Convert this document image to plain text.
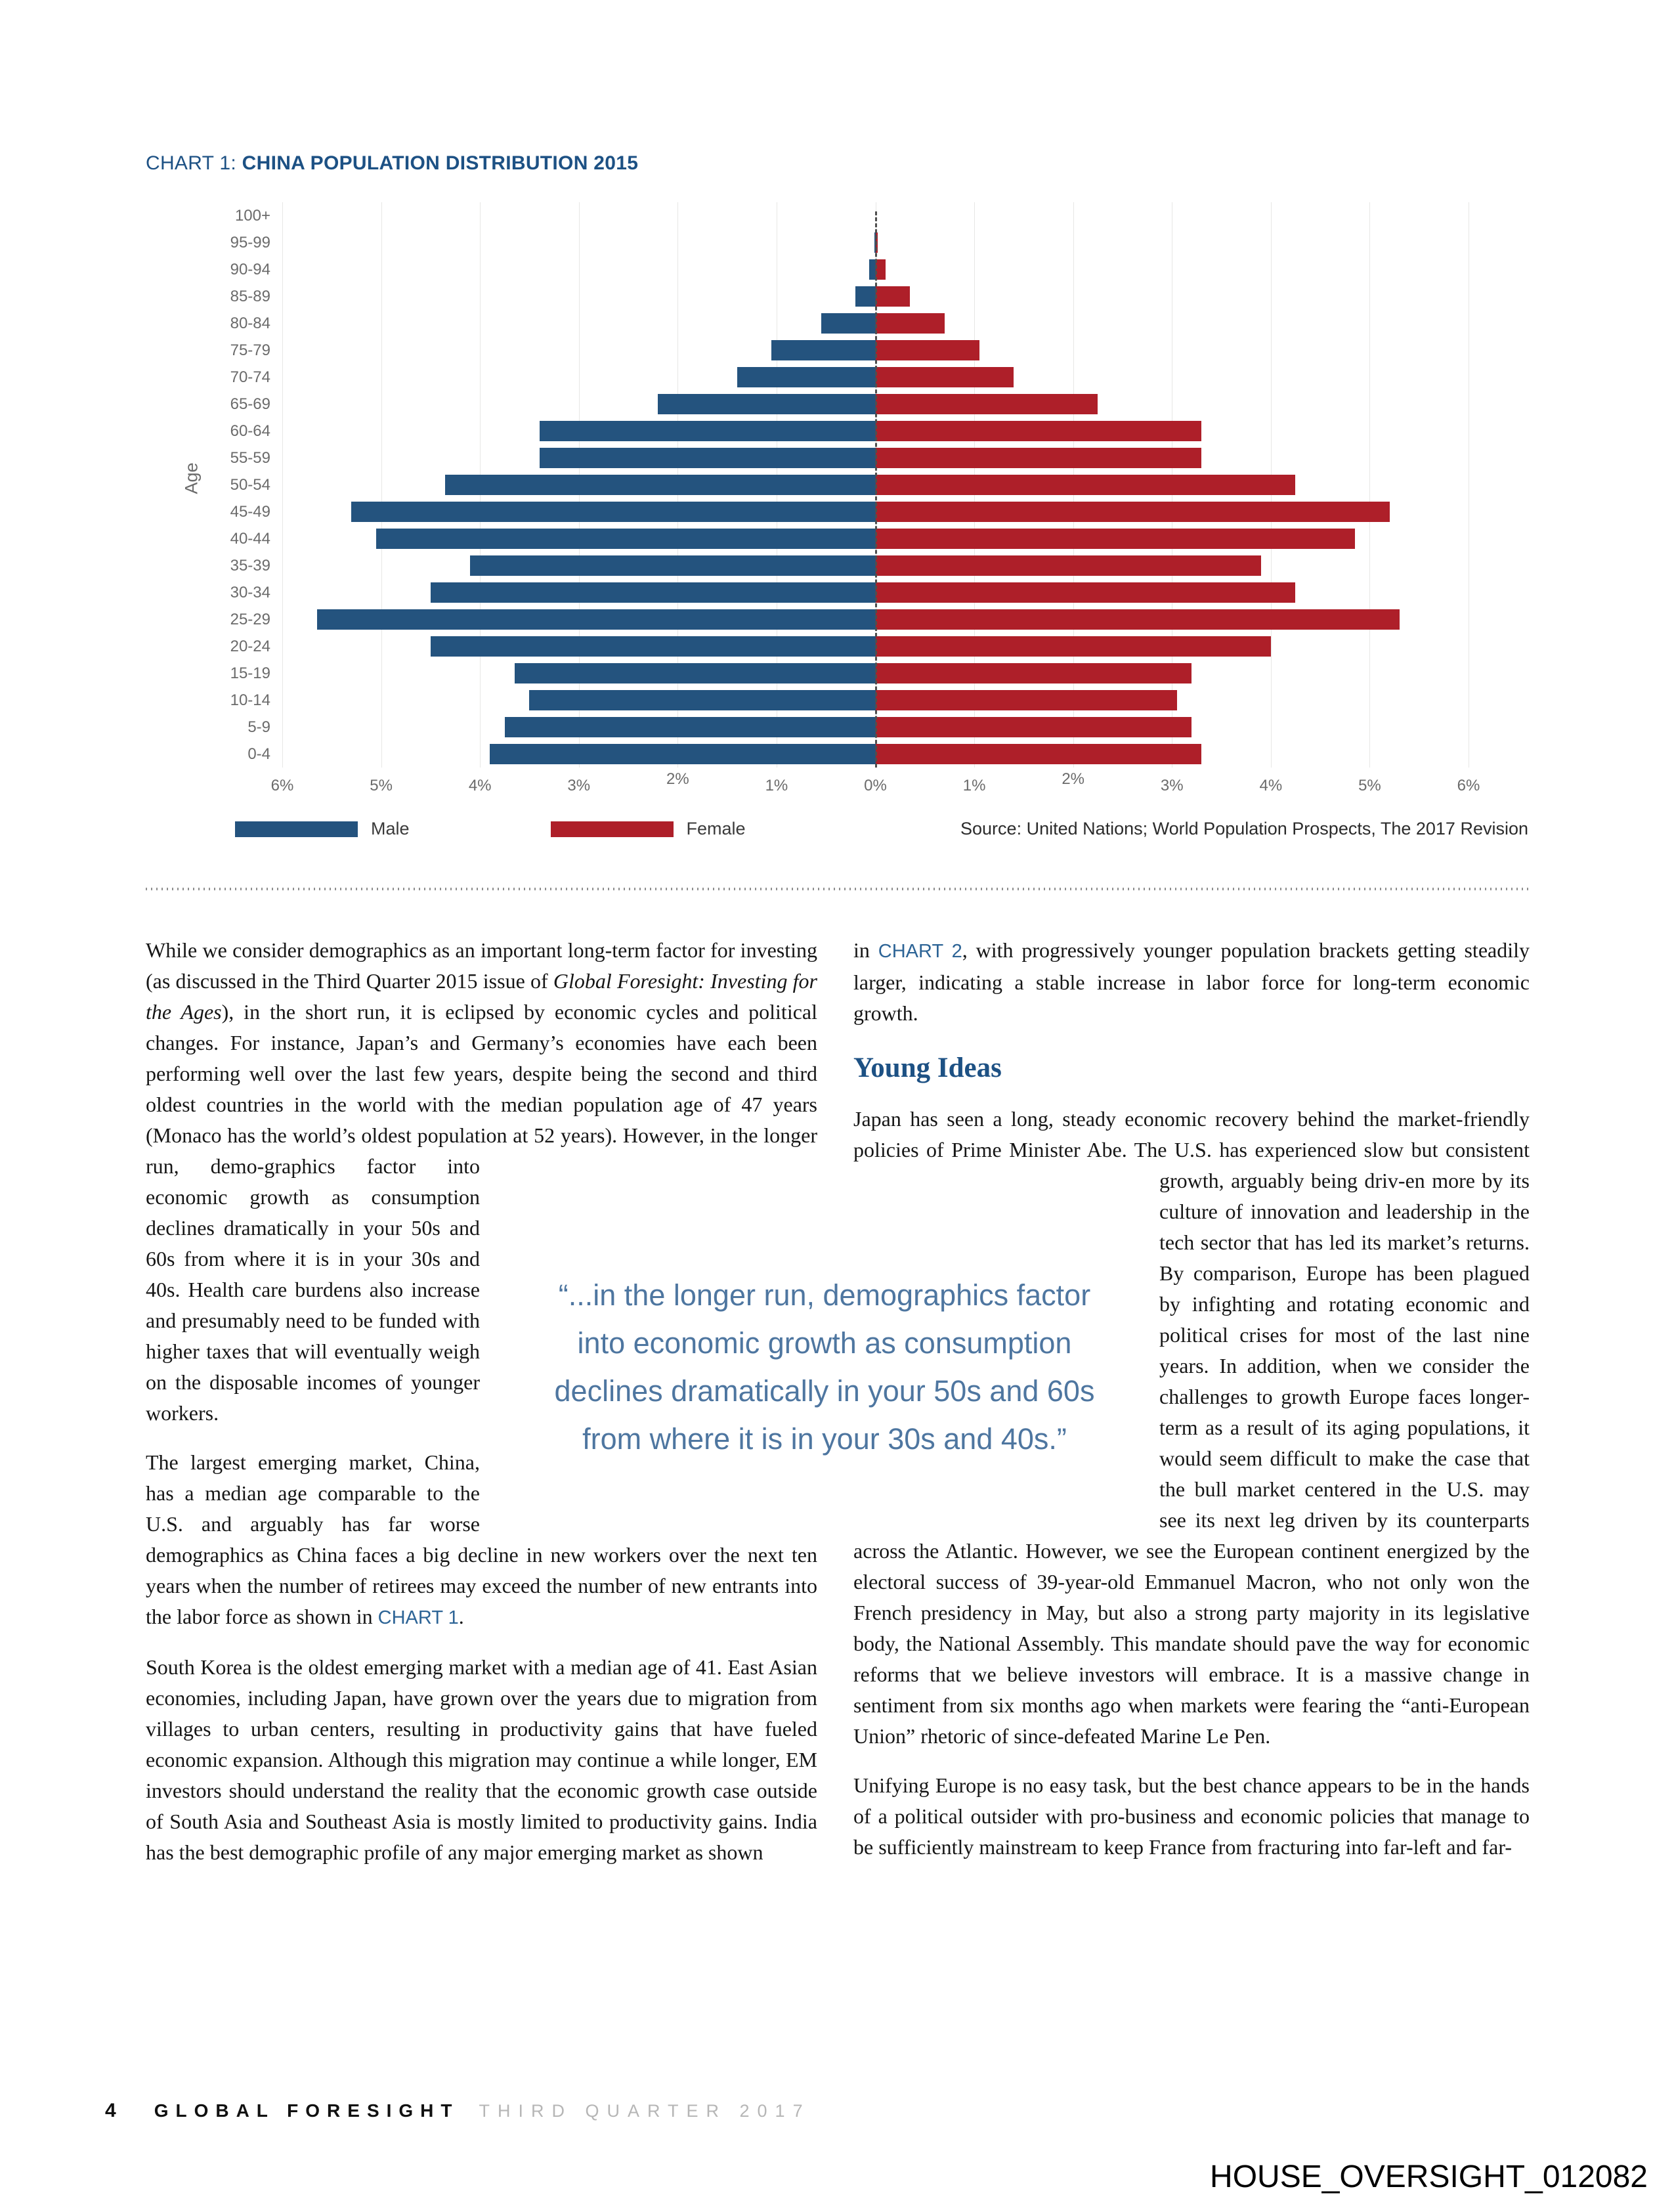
CHART 1: CHINA POPULATION DISTRIBUTION 2015
Age
100+
95-99
90-94
85-89
80-84
75-79
70-74
65-69
60-64
55-59
50-54
45-49
40-44
35-39
30-34
25-29
20-24
15-19
10-14
5-9
0-4
6%	5%	4%	3%	2%	1%	0%	1%	2%	3%	4%	5%	6%
Male	Female	Source: United Nations; World Population Prospects, The 2017 Revision

While we consider demographics as an important long-term factor for investing (as discussed in the Third Quarter 2015 issue of Global Foresight: Investing for the Ages), in the short run, it is eclipsed by economic cycles and political changes. For instance, Japan’s and Germany’s economies have each been performing well over the last few years, despite being the second and third oldest countries in the world with the median population age of 47 years (Monaco has the world’s oldest population at 52 years). However, in the longer run, demo-
graphics factor into economic growth as consumption declines dramatically in your 50s and 60s from where it is in your 30s and 40s. Health care burdens also increase and presumably need to be funded with higher taxes that will eventually weigh on the disposable incomes of younger workers.

The largest emerging market, China, has a median age comparable to the U.S. and arguably has far worse demographics as China faces a big decline in new workers over the next ten years when the number of retirees may exceed the number of new entrants into the labor force as shown in CHART 1.

South Korea is the oldest emerging market with a median age of 41. East Asian economies, including Japan, have grown over the years due to migration from villages to urban centers, resulting in productivity gains that have fueled economic expansion. Although this migration may continue a while longer, EM investors should understand the reality that the economic growth case outside of South Asia and Southeast Asia is mostly limited to productivity gains. India has the best demographic profile of any major emerging market as shown

in CHART 2, with progressively younger population brackets getting steadily larger, indicating a stable increase in labor force for long-term economic growth.

Young Ideas

Japan has seen a long, steady economic recovery behind the market-friendly policies of Prime Minister Abe. The U.S. has experienced slow but consistent growth, arguably being driv-
en more by its culture of innovation and leadership in the tech sector that has led its market’s returns. By comparison, Europe has been plagued by infighting and rotating economic and political crises for most of the last nine years. In addition, when we consider the challenges to growth Europe faces longer-term as a result of its aging populations, it would seem difficult to make the case that the bull market centered in the U.S. may see its next leg driven by its counterparts across the Atlantic. However, we see the European continent energized by the electoral success of 39-year-old Emmanuel Macron, who not only won the French presidency in May, but also a strong party majority in its legislative body, the National Assembly. This mandate should pave the way for economic reforms that we believe investors will embrace. It is a massive change in sentiment from six months ago when markets were fearing the “anti-European Union” rhetoric of since-defeated Marine Le Pen.

Unifying Europe is no easy task, but the best chance appears to be in the hands of a political outsider with pro-business and economic policies that manage to be sufficiently mainstream to keep France from fracturing into far-left and far-

“...in the longer run, demographics factor into economic growth as consumption declines dramatically in your 50s and 60s from where it is in your 30s and 40s.”
4 GLOBAL FORESIGHT THIRD QUARTER 2017
HOUSE_OVERSIGHT_012082
